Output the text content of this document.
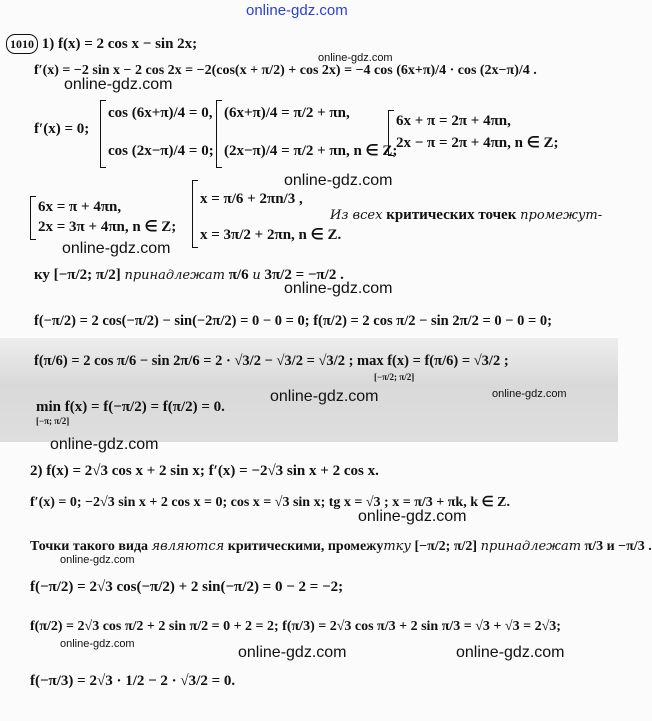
online-gdz.com
online-gdz.com
online-gdz.com
online-gdz.com
online-gdz.com
online-gdz.com
online-gdz.com	online-gdz.com
online-gdz.com
online-gdz.com
online-gdz.com
online-gdz.com	online-gdz.com	online-gdz.com
1010 1) f(x) = 2 cos x − sin 2x;
f′(x) = −2 sin x − 2 cos 2x = −2(cos(x + π/2) + cos 2x) = −4 cos (6x+π)/4 · cos (2x−π)/4 .
f′(x) = 0;
cos (6x+π)/4 = 0,
cos (2x−π)/4 = 0;
(6x+π)/4 = π/2 + πn,
(2x−π)/4 = π/2 + πn, n ∈ Z;
6x + π = 2π + 4πn,
2x − π = 2π + 4πn, n ∈ Z;
6x = π + 4πn,
2x = 3π + 4πn, n ∈ Z;
x = π/6 + 2πn/3 ,
x = 3π/2 + 2πn, n ∈ Z.
Из всех критических точек промежут-
ку [−π/2; π/2] принадлежат π/6 и 3π/2 = −π/2 .
f(−π/2) = 2 cos(−π/2) − sin(−2π/2) = 0 − 0 = 0; f(π/2) = 2 cos π/2 − sin 2π/2 = 0 − 0 = 0;
f(π/6) = 2 cos π/6 − sin 2π/6 = 2 · √3/2 − √3/2 = √3/2 ; max f(x) = f(π/6) = √3/2 ;
[−π/2; π/2]
min f(x) = f(−π/2) = f(π/2) = 0.
[−π; π/2]
2) f(x) = 2√3 cos x + 2 sin x; f′(x) = −2√3 sin x + 2 cos x.
f′(x) = 0; −2√3 sin x + 2 cos x = 0; cos x = √3 sin x; tg x = √3 ; x = π/3 + πk, k ∈ Z.
Точки такого вида являются критическими, промежутку [−π/2; π/2] принадлежат π/3 и −π/3 .
f(−π/2) = 2√3 cos(−π/2) + 2 sin(−π/2) = 0 − 2 = −2;
f(π/2) = 2√3 cos π/2 + 2 sin π/2 = 0 + 2 = 2; f(π/3) = 2√3 cos π/3 + 2 sin π/3 = √3 + √3 = 2√3;
f(−π/3) = 2√3 · 1/2 − 2 · √3/2 = 0.
